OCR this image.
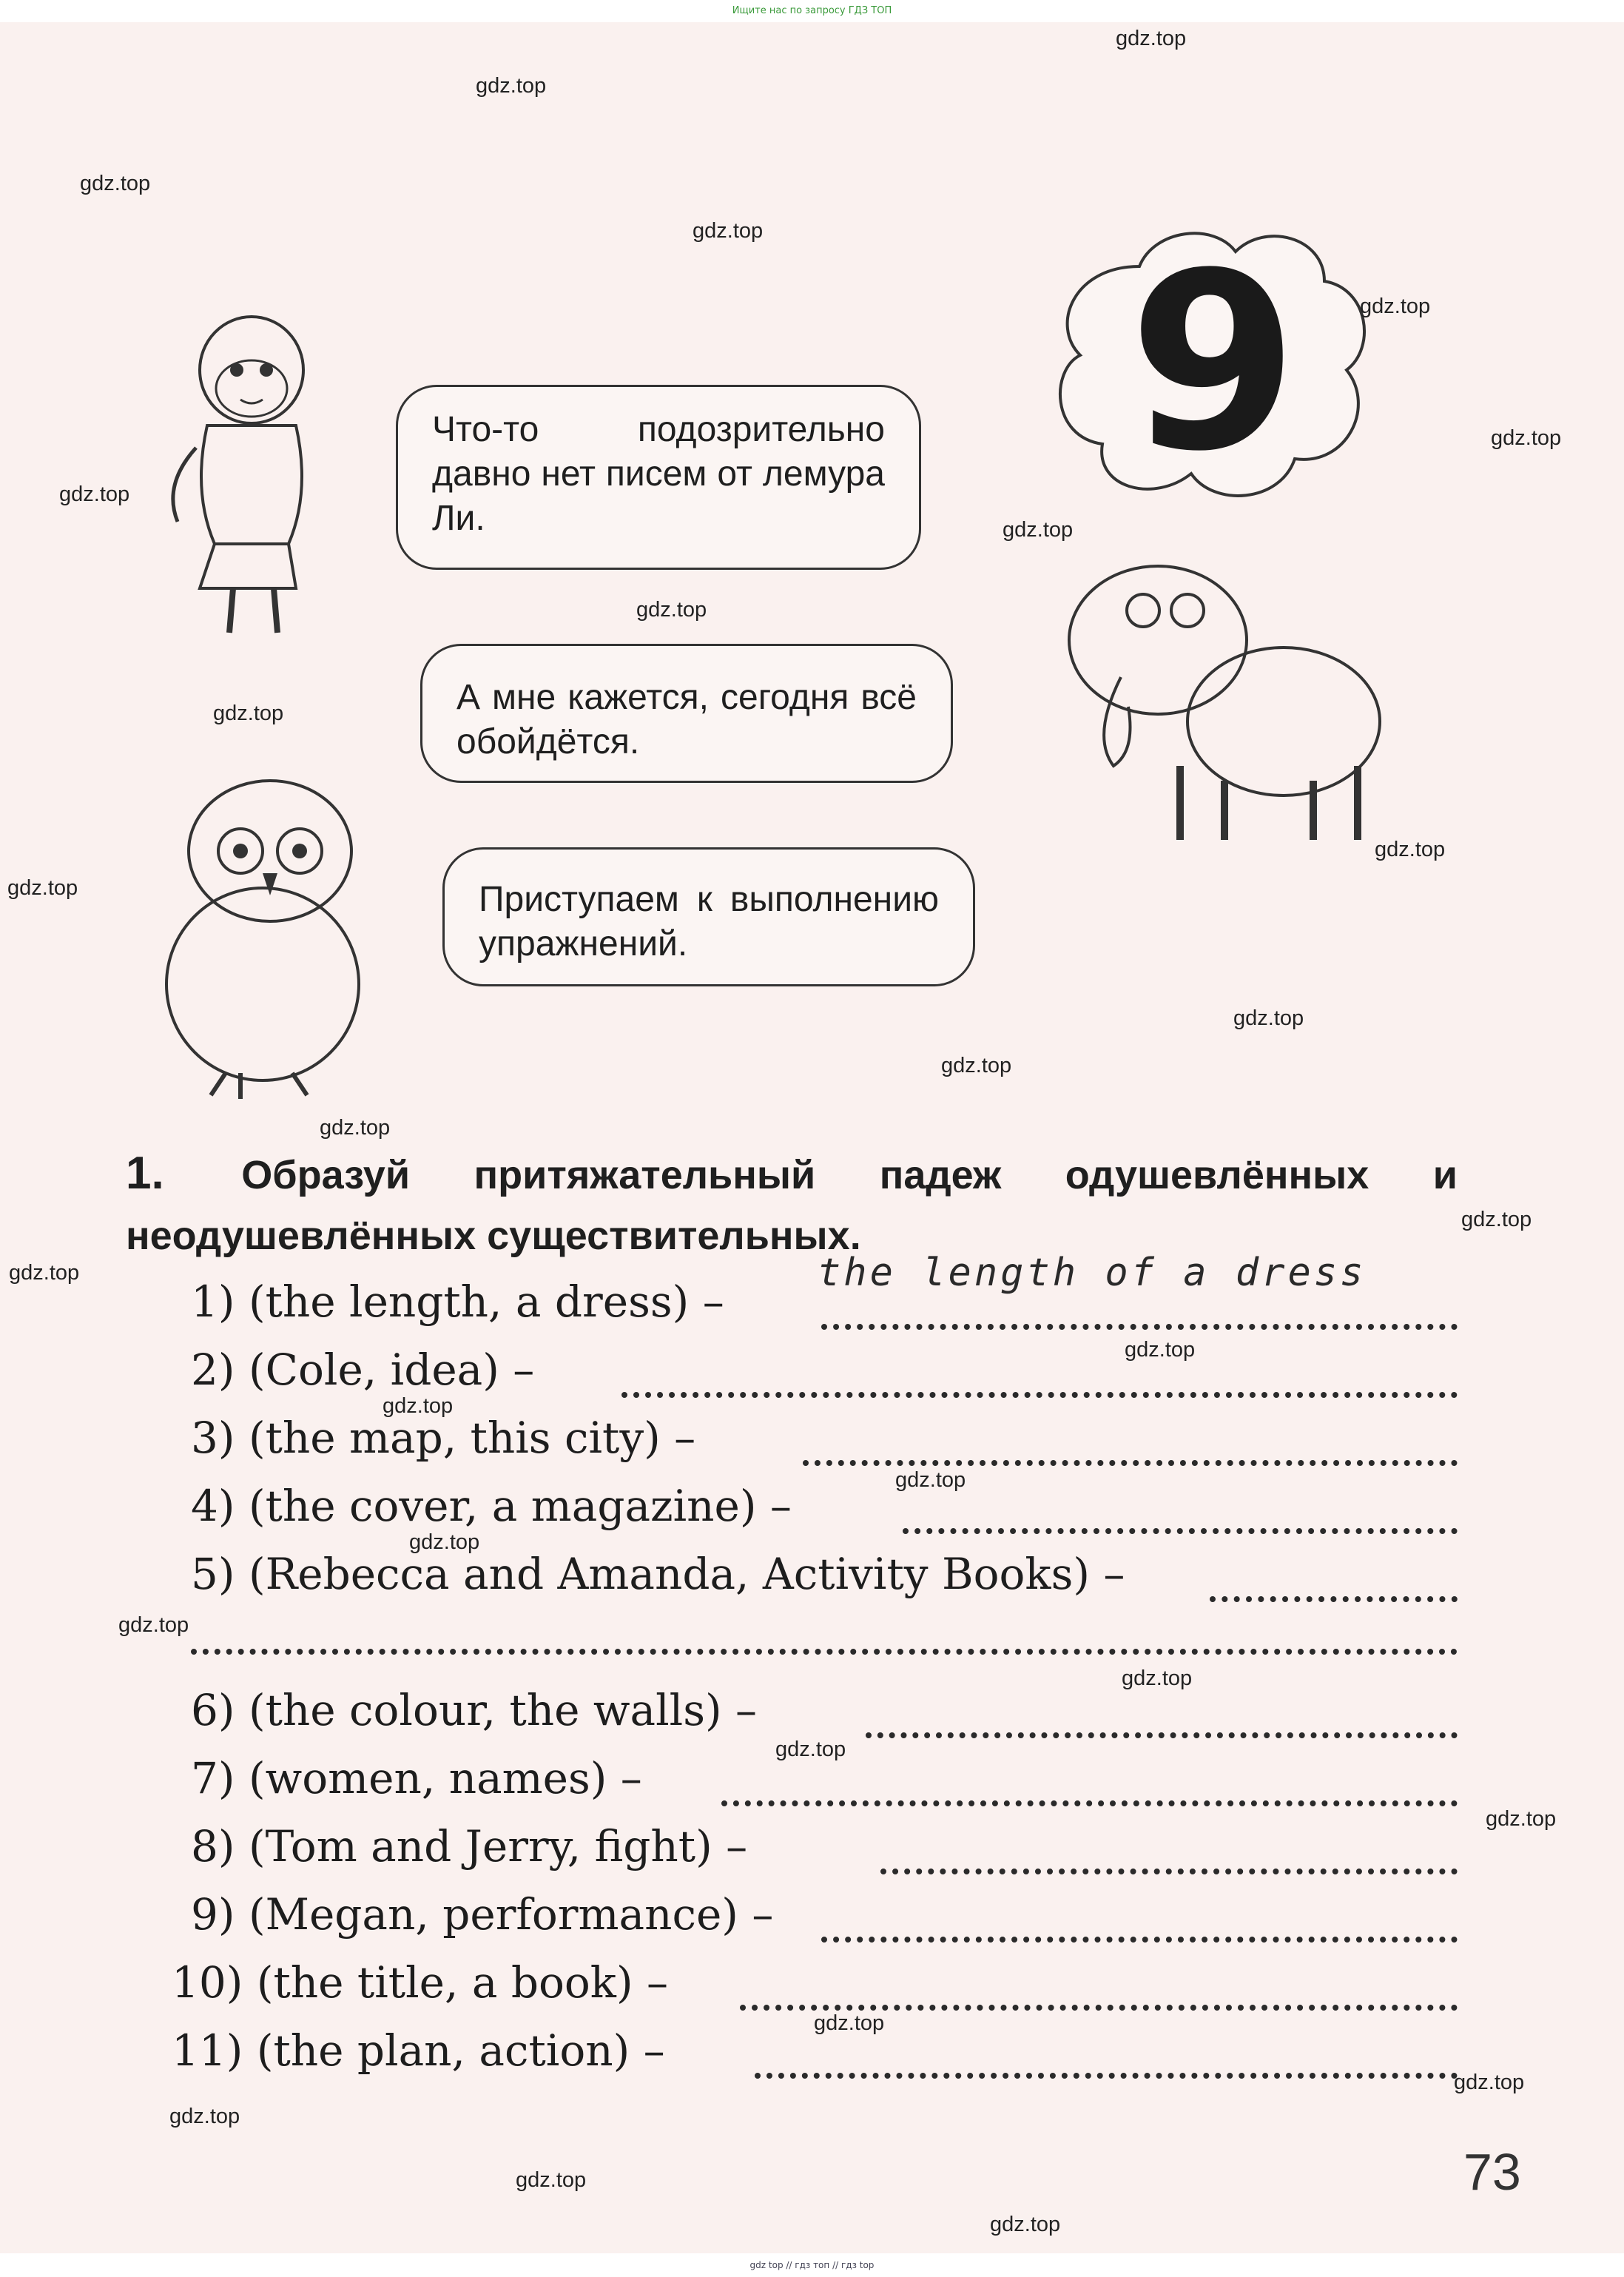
Ищите нас по запросу ГДЗ ТОП
9
Что-то подозрительно давно нет писем от лемура Ли.
А мне кажется, сегодня всё обойдётся.
Приступаем к выполнению упражнений.
1. Образуй притяжательный падеж одушевлённых и неодушевлённых существительных.
the length of a dress
1) (the length, a dress) –
2) (Cole, idea) –
3) (the map, this city) –
4) (the cover, a magazine) –
5) (Rebecca and Amanda, Activity Books) –
6) (the colour, the walls) –
7) (women, names) –
8) (Tom and Jerry, fight) –
9) (Megan, performance) –
10) (the title, a book) –
11) (the plan, action) –
73
gdz.top
gdz.top
gdz.top
gdz.top
gdz.top
gdz.top
gdz.top
gdz.top
gdz.top
gdz.top
gdz.top
gdz.top
gdz.top
gdz.top
gdz.top
gdz.top
gdz.top
gdz.top
gdz.top
gdz.top
gdz.top
gdz.top
gdz.top
gdz.top
gdz.top
gdz.top
gdz.top
gdz.top
gdz.top
gdz.top
gdz top // гдз топ // гдз top
